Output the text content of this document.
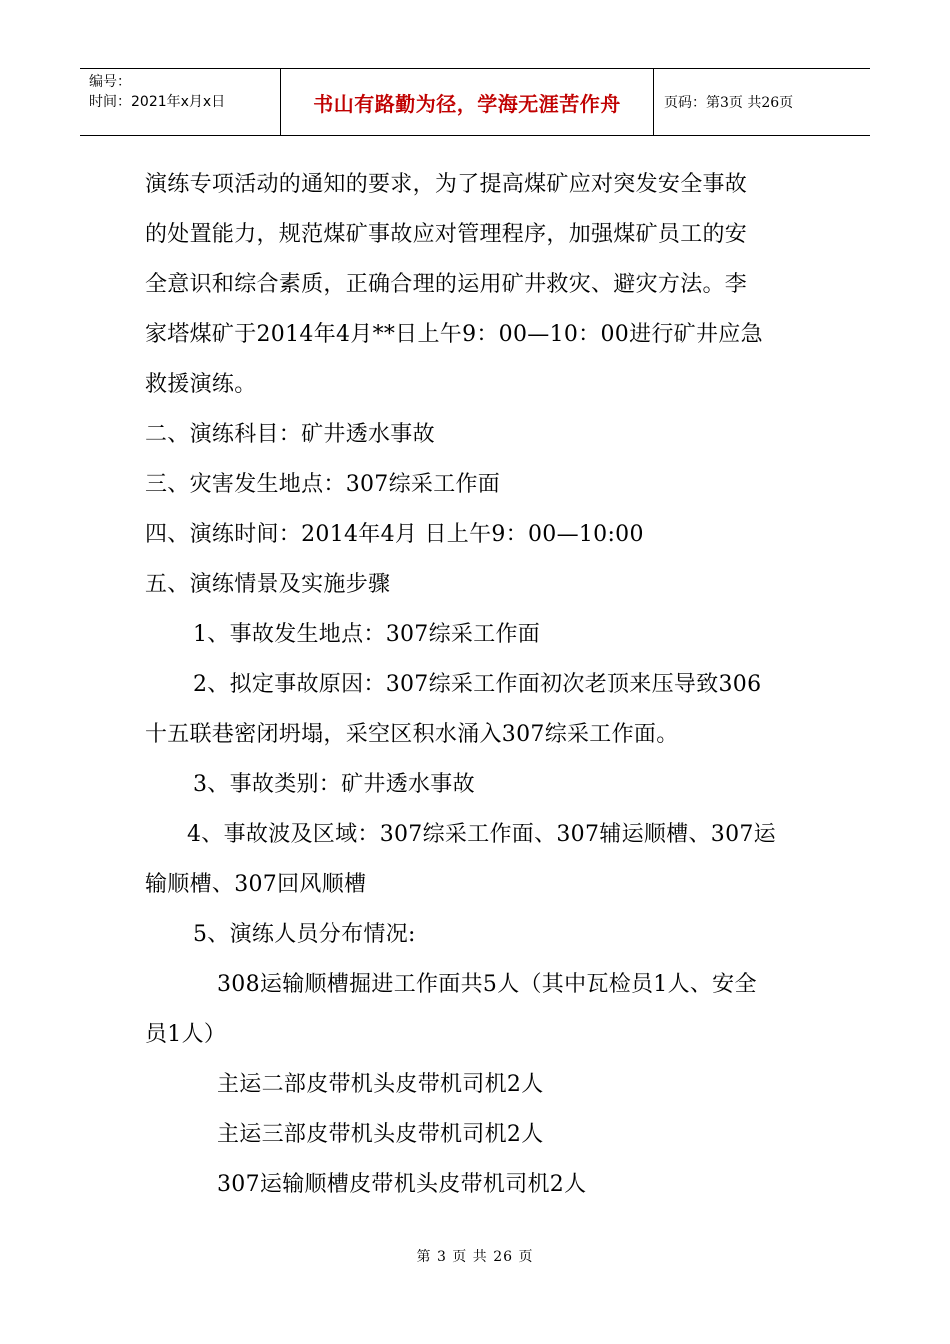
编号：
时间：2021年x月x日	书山有路勤为径，学海无涯苦作舟	页码：第3页 共26页
演练专项活动的通知的要求，为了提高煤矿应对突发安全事故
的处置能力，规范煤矿事故应对管理程序，加强煤矿员工的安
全意识和综合素质，正确合理的运用矿井救灾、避灾方法。李
家塔煤矿于2014年4月**日上午9：00—10：00进行矿井应急
救援演练。
二、演练科目：矿井透水事故
三、灾害发生地点：307综采工作面
四、演练时间：2014年4月 日上午9：00—10:00
五、演练情景及实施步骤
1、事故发生地点：307综采工作面
2、拟定事故原因：307综采工作面初次老顶来压导致306
十五联巷密闭坍塌，采空区积水涌入307综采工作面。
3、事故类别：矿井透水事故
4、事故波及区域：307综采工作面、307辅运顺槽、307运
输顺槽、307回风顺槽
5、演练人员分布情况:
308运输顺槽掘进工作面共5人（其中瓦检员1人、安全
员1人）
主运二部皮带机头皮带机司机2人
主运三部皮带机头皮带机司机2人
307运输顺槽皮带机头皮带机司机2人
第 3 页 共 26 页
